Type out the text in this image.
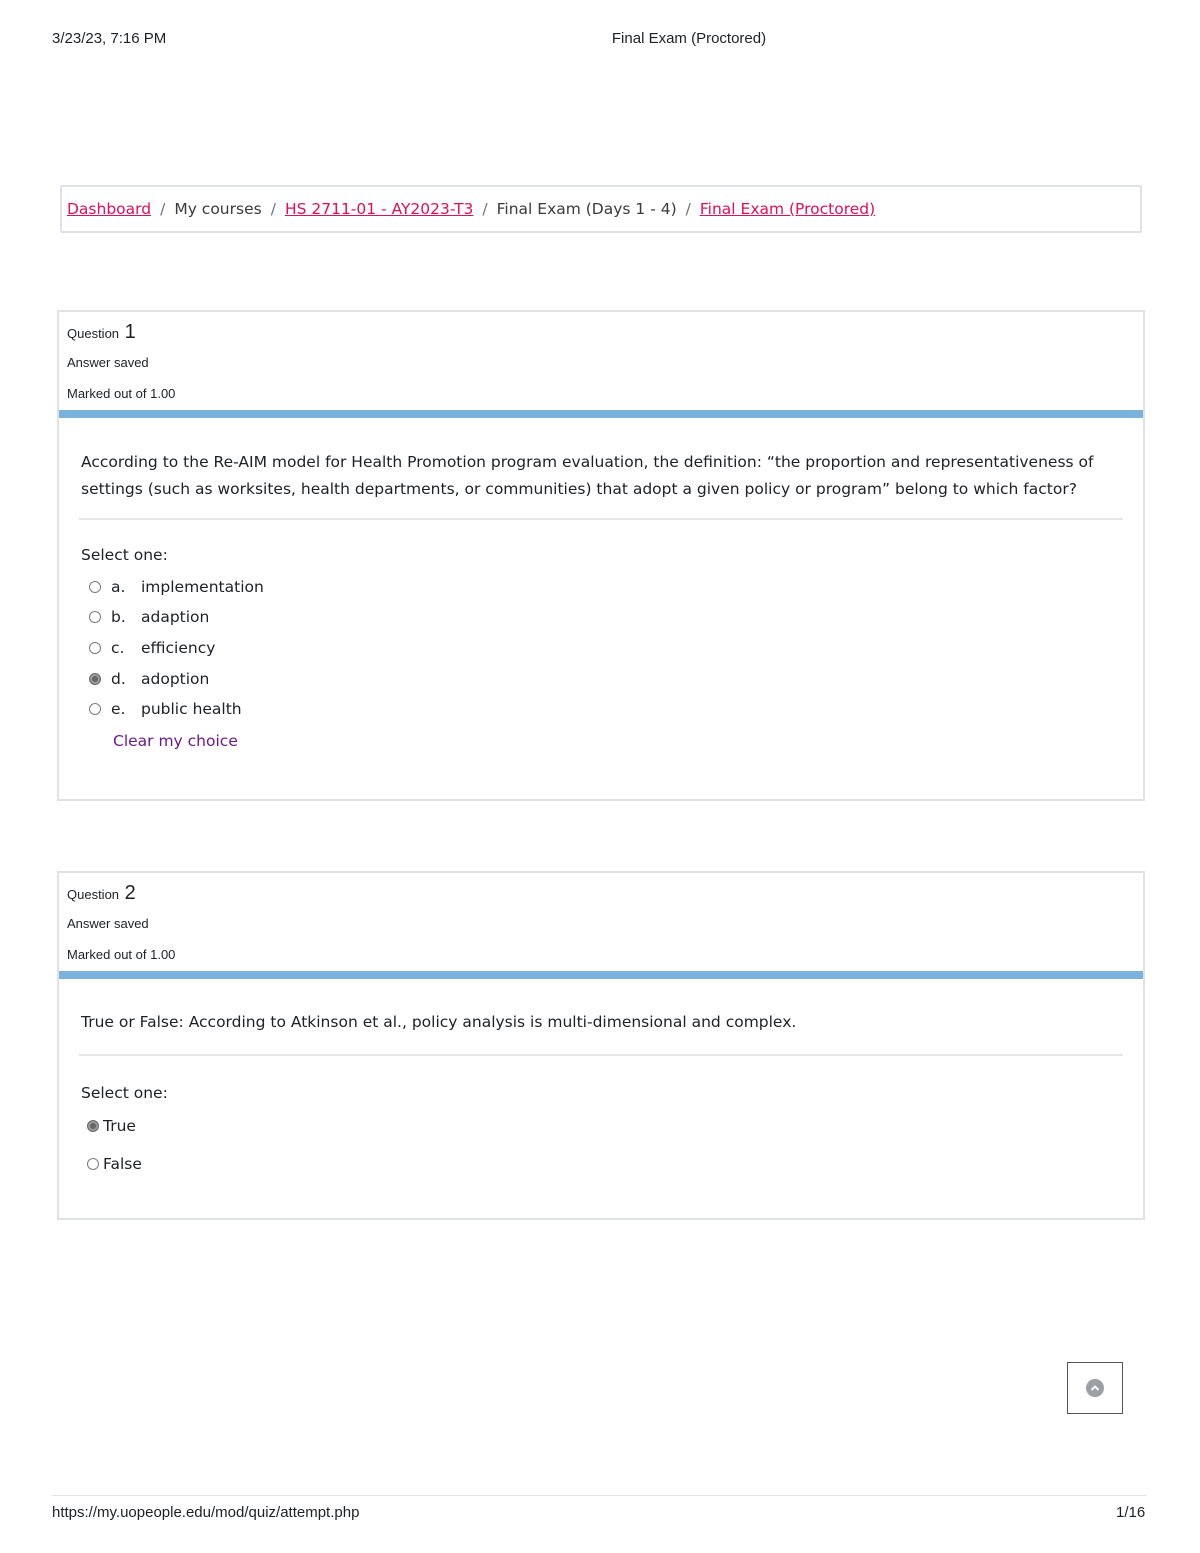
3/23/23, 7:16 PM	Final Exam (Proctored)
Dashboard / My courses / HS 2711-01 - AY2023-T3 / Final Exam (Days 1 - 4) / Final Exam (Proctored)
Question 1
Answer saved
Marked out of 1.00
According to the Re-AIM model for Health Promotion program evaluation, the definition: “the proportion and representativeness of
settings (such as worksites, health departments, or communities) that adopt a given policy or program” belong to which factor?
Select one:
a.	implementation
b. adaption
c.	efficiency
d. adoption
e.	public health
Clear my choice
Question 2
Answer saved
Marked out of 1.00
True or False: According to Atkinson et al., policy analysis is multi-dimensional and complex.
Select one:
True
False
https://my.uopeople.edu/mod/quiz/attempt.php	1/16
